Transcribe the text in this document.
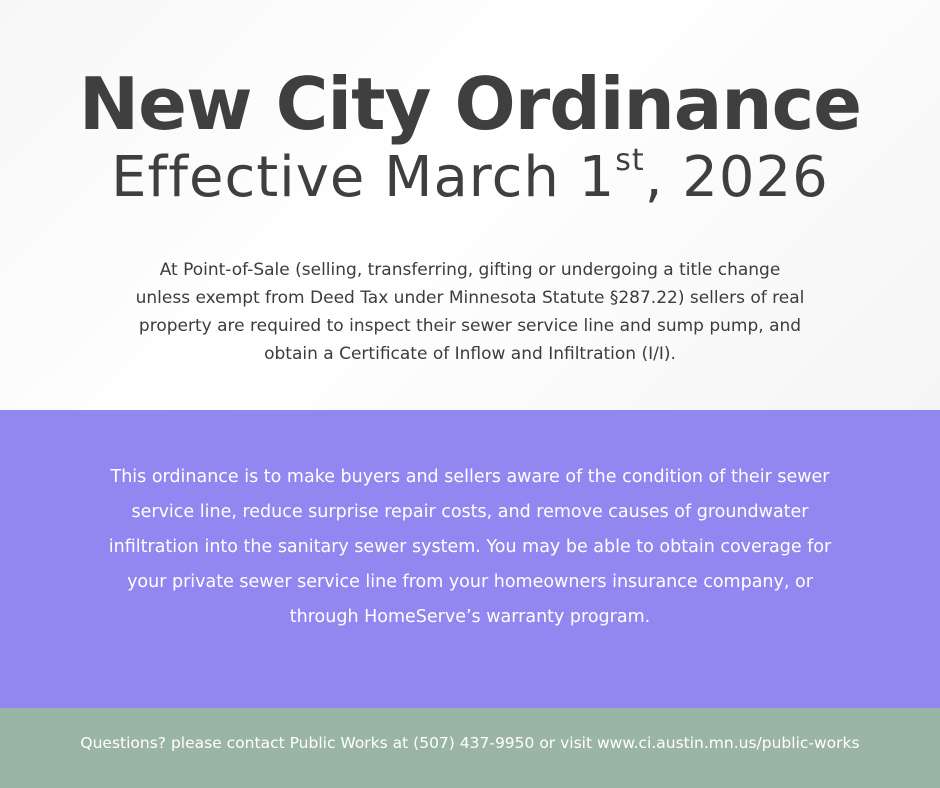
New City Ordinance
Effective March 1st, 2026
At Point-of-Sale (selling, transferring, gifting or undergoing a title change unless exempt from Deed Tax under Minnesota Statute §287.22) sellers of real property are required to inspect their sewer service line and sump pump, and obtain a Certificate of Inflow and Infiltration (I/I).
This ordinance is to make buyers and sellers aware of the condition of their sewer service line, reduce surprise repair costs, and remove causes of groundwater infiltration into the sanitary sewer system. You may be able to obtain coverage for your private sewer service line from your homeowners insurance company, or through HomeServe’s warranty program.
Questions? please contact Public Works at (507) 437-9950 or visit www.ci.austin.mn.us/public-works
